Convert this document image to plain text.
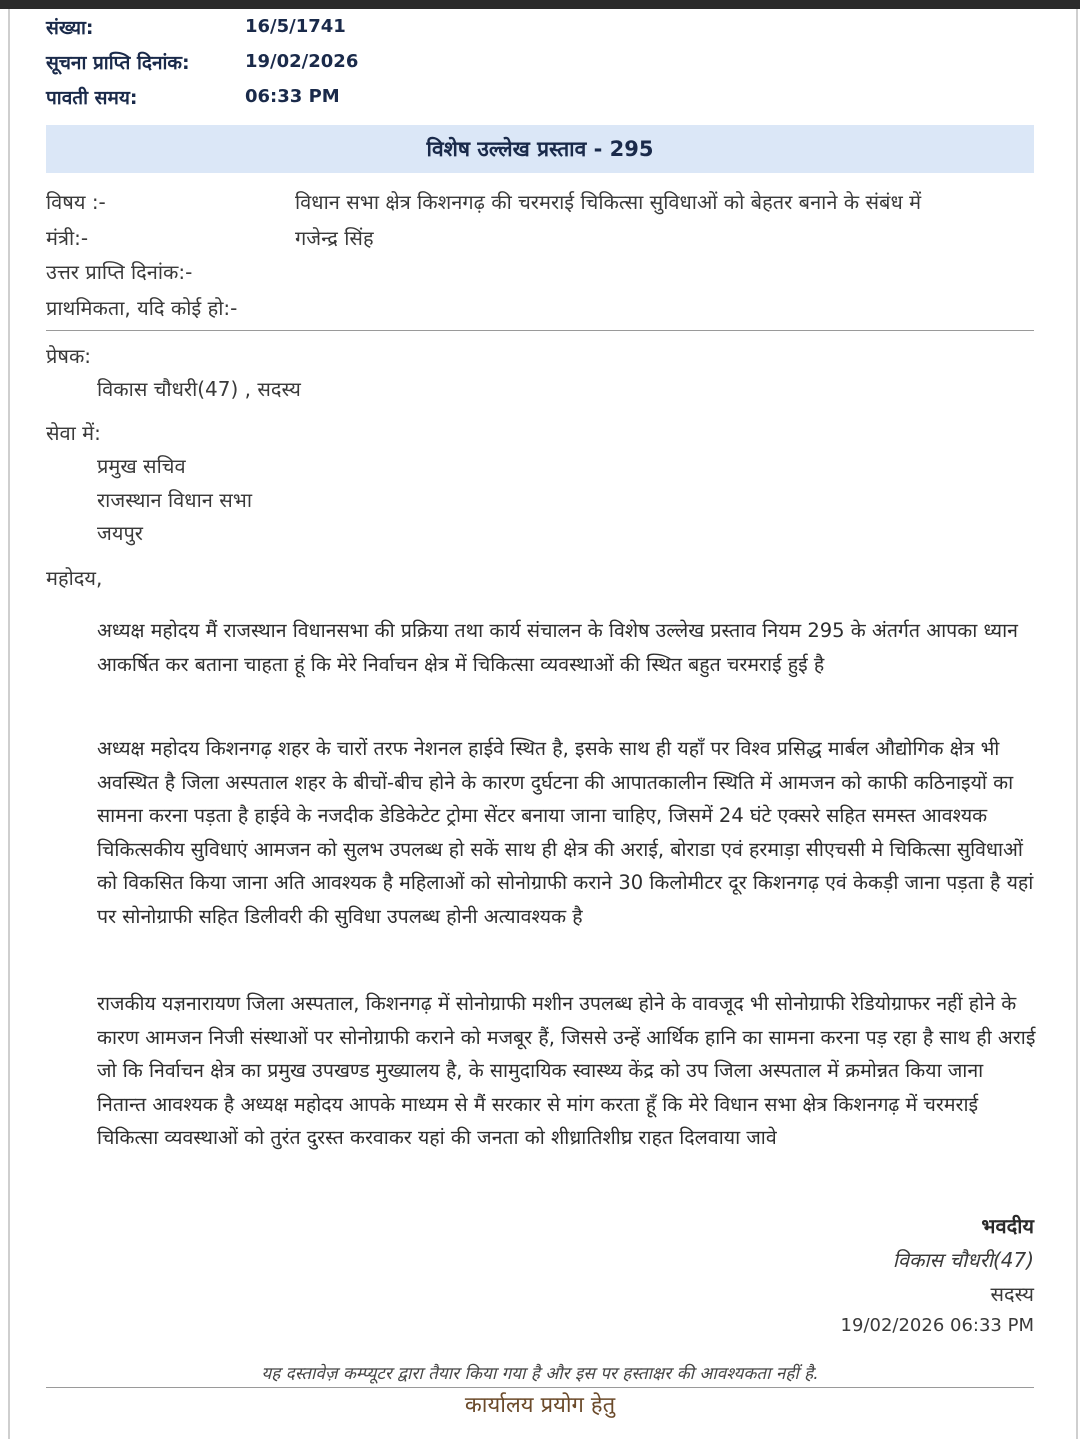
संख्या:	16/5/1741
सूचना प्राप्ति दिनांक:	19/02/2026
पावती समय:	06:33 PM
विशेष उल्लेख प्रस्ताव - 295
विषय :-	विधान सभा क्षेत्र किशनगढ़ की चरमराई चिकित्सा सुविधाओं को बेहतर बनाने के संबंध में
मंत्री:-	गजेन्द्र सिंह
उत्तर प्राप्ति दिनांक:-
प्राथमिकता, यदि कोई हो:-
प्रेषक:
विकास चौधरी(47) , सदस्य
सेवा में:
प्रमुख सचिव
राजस्थान विधान सभा
जयपुर
महोदय,
अध्यक्ष महोदय मैं राजस्थान विधानसभा की प्रक्रिया तथा कार्य संचालन के विशेष उल्लेख प्रस्ताव नियम 295 के अंतर्गत आपका ध्यान आकर्षित कर बताना चाहता हूं कि मेरे निर्वाचन क्षेत्र में चिकित्सा व्यवस्थाओं की स्थित बहुत चरमराई हुई है
अध्यक्ष महोदय किशनगढ़ शहर के चारों तरफ नेशनल हाईवे स्थित है, इसके साथ ही यहाँ पर विश्व प्रसिद्ध मार्बल औद्योगिक क्षेत्र भी अवस्थित है जिला अस्पताल शहर के बीचों-बीच होने के कारण दुर्घटना की आपातकालीन स्थिति में आमजन को काफी कठिनाइयों का सामना करना पड़ता है हाईवे के नजदीक डेडिकेटेट ट्रोमा सेंटर बनाया जाना चाहिए, जिसमें 24 घंटे एक्सरे सहित समस्त आवश्यक चिकित्सकीय सुविधाएं आमजन को सुलभ उपलब्ध हो सकें साथ ही क्षेत्र की अराई, बोराडा एवं हरमाड़ा सीएचसी मे चिकित्सा सुविधाओं को विकसित किया जाना अति आवश्यक है महिलाओं को सोनोग्राफी कराने 30 किलोमीटर दूर किशनगढ़ एवं केकड़ी जाना पड़ता है यहां पर सोनोग्राफी सहित डिलीवरी की सुविधा उपलब्ध होनी अत्यावश्यक है
राजकीय यज्ञनारायण जिला अस्पताल, किशनगढ़ में सोनोग्राफी मशीन उपलब्ध होने के वावजूद भी सोनोग्राफी रेडियोग्राफर नहीं होने के कारण आमजन निजी संस्थाओं पर सोनोग्राफी कराने को मजबूर हैं, जिससे उन्हें आर्थिक हानि का सामना करना पड़ रहा है साथ ही अराई जो कि निर्वाचन क्षेत्र का प्रमुख उपखण्ड मुख्यालय है, के सामुदायिक स्वास्थ्य केंद्र को उप जिला अस्पताल में क्रमोन्नत किया जाना नितान्त आवश्यक है अध्यक्ष महोदय आपके माध्यम से मैं सरकार से मांग करता हूँ कि मेरे विधान सभा क्षेत्र किशनगढ़ में चरमराई चिकित्सा व्यवस्थाओं को तुरंत दुरस्त करवाकर यहां की जनता को शीध्रातिशीघ्र राहत दिलवाया जावे
भवदीय
विकास चौधरी(47)
सदस्य
19/02/2026 06:33 PM
यह दस्तावेज़ कम्प्यूटर द्वारा तैयार किया गया है और इस पर हस्ताक्षर की आवश्यकता नहीं है.
कार्यालय प्रयोग हेतु
